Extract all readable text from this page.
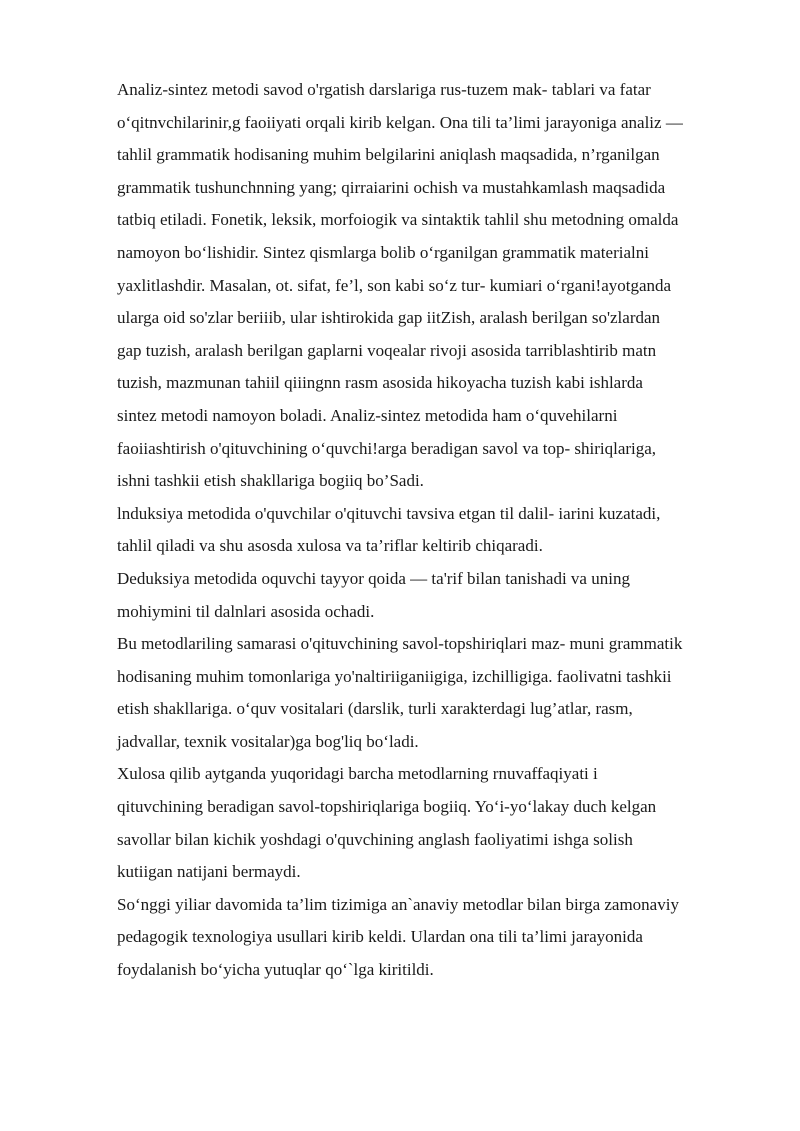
Analiz-sintez metodi savod o'rgatish darslariga rus-tuzem mak- tablari va fatar
o‘qitnvchilarinir,g faoiiyati orqali kirib kelgan. Ona tili ta’limi jarayoniga analiz —
tahlil grammatik hodisaning muhim belgilarini aniqlash maqsadida, n’rganilgan
grammatik tushunchnning yang; qirraiarini ochish va mustahkamlash maqsadida
tatbiq etiladi. Fonetik, leksik, morfoiogik va sintaktik tahlil shu metodning omalda
namoyon bo‘lishidir. Sintez qismlarga bolib o‘rganilgan grammatik materialni
yaxlitlashdir. Masalan, ot. sifat, fe’l, son kabi so‘z tur- kumiari o‘rgani!ayotganda
ularga oid so'zlar beriiib, ular ishtirokida gap iitZish, aralash berilgan so'zlardan
gap tuzish, aralash berilgan gaplarni voqealar rivoji asosida tarriblashtirib matn
tuzish, mazmunan tahiil qiiingnn rasm asosida hikoyacha tuzish kabi ishlarda
sintez metodi namoyon boladi. Analiz-sintez metodida ham o‘quvehilarni
faoiiashtirish o'qituvchining o‘quvchi!arga beradigan savol va top- shiriqlariga,
ishni tashkii etish shakllariga bogiiq bo’Sadi.

lnduksiya metodida o'quvchilar o'qituvchi tavsiva etgan til dalil- iarini kuzatadi,
tahlil qiladi va shu asosda xulosa va ta’riflar keltirib chiqaradi.

Deduksiya metodida oquvchi tayyor qoida — ta'rif bilan tanishadi va uning
mohiymini til dalnlari asosida ochadi.

Bu metodlariling samarasi o'qituvchining savol-topshiriqlari maz- muni grammatik
hodisaning muhim tomonlariga yo'naltiriiganiigiga, izchilligiga. faolivatni tashkii
etish shakllariga. o‘quv vositalari (darslik, turli xarakterdagi lug’atlar, rasm,
jadvallar, texnik vositalar)ga bog'liq bo‘ladi.

Xulosa qilib aytganda yuqoridagi barcha metodlarning rnuvaffaqiyati i
qituvchining beradigan savol-topshiriqlariga bogiiq. Yo‘i-yo‘lakay duch kelgan
savollar bilan kichik yoshdagi o'quvchining anglash faoliyatimi ishga solish
kutiigan natijani bermaydi.

So‘nggi yiliar davomida ta’lim tizimiga an`anaviy metodlar bilan birga zamonaviy
pedagogik texnologiya usullari kirib keldi. Ulardan ona tili ta’limi jarayonida
foydalanish bo‘yicha yutuqlar qo‘`lga kiritildi.
